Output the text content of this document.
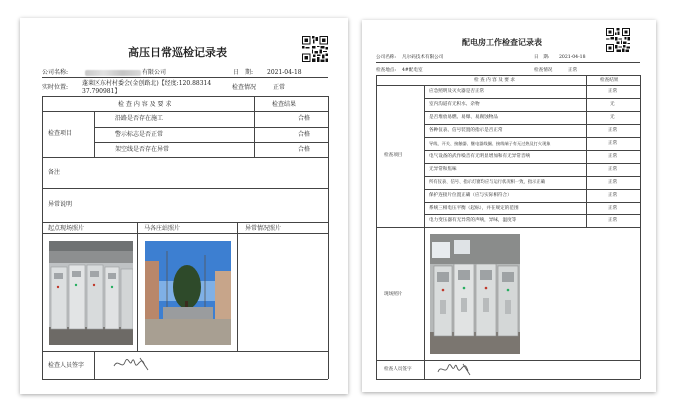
高压日常巡检记录表
公司名称:	有限公司	日　期: 2021-04-18
实时位置:
蓬莱区东村村委会(金创路北)【经度:120.88314
37.790981】
检查情况	正常
检 查 内 容 及 要 求	检查结果
检查项目
沿路是否存在施工	合格
警示标志是否正常	合格
架空线是否存在异常	合格
备注
异常说明
起点现场照片	马各庄站照片	异常情况照片
检查人员签字
配电房工作检查记录表
公司名称: 凡尔码技术有限公司	日　期: 2021-04-18
检查地点: 4#配电室	检查情况	正常
检 查 内 容 及 要 求	检查结果
检查项目
应急照明及灭火器是否正常	正常
室内沟道有无积水、杂物	无
是否堆放易燃、易爆、易腐蚀物品	无
各种仪表、信号装置的指示是否正常	正常
导线、开关、接触器、继电器线圈、接线端子有无过热及打火现象	正常
电气设备的武作噪音有无明显增加和有无异常音响	正常
无异常和焦味	正常
所有仪表、信号、指示灯窗均应与运行状况相一致，指示正确	正常
保护连接片位置正确（应与实际相符合）	正常
系统三相电压平衡（起标），并在规定的范围	正常
电力变压器有无异常的声响，异味，温度等	正常
现场照片
检查人员签字
